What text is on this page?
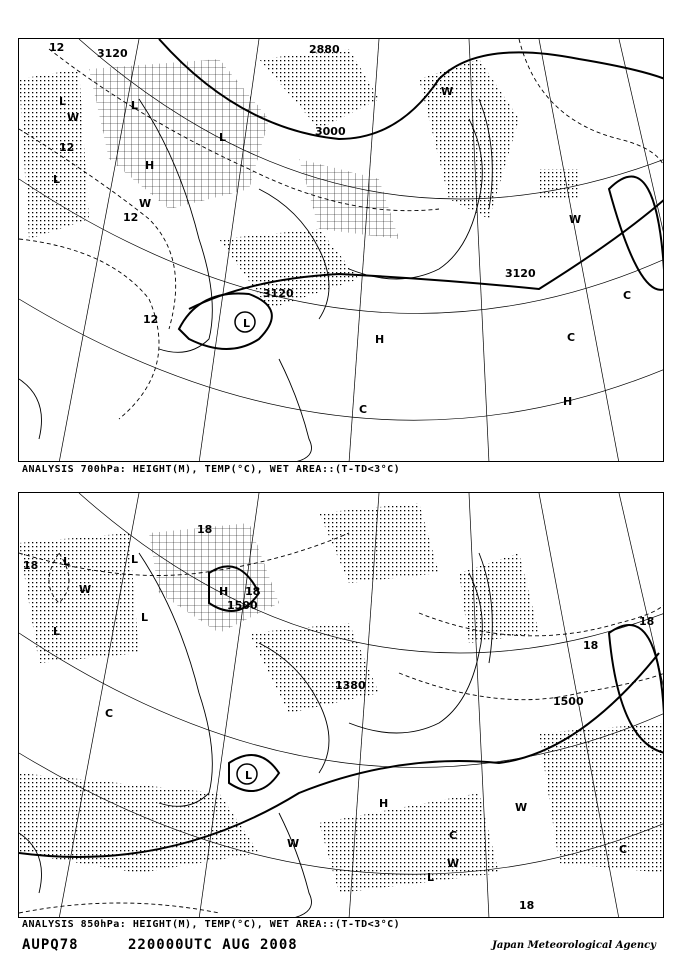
3120
3000
2880
3120
3120
12
12
12
12
L	L
L
L
L
H
H
H
W
W
W
W
C
C
C
ANALYSIS 700hPa: HEIGHT(M), TEMP(°C), WET AREA::(T-TD<3°C)
1500
1500
1380
18
18
18
18
18
18
L	L
L
L
L
H
H
W
W
W
W
C
C
C
L
ANALYSIS 850hPa: HEIGHT(M), TEMP(°C), WET AREA::(T-TD<3°C)
AUPQ78	220000UTC AUG 2008	Japan Meteorological Agency
